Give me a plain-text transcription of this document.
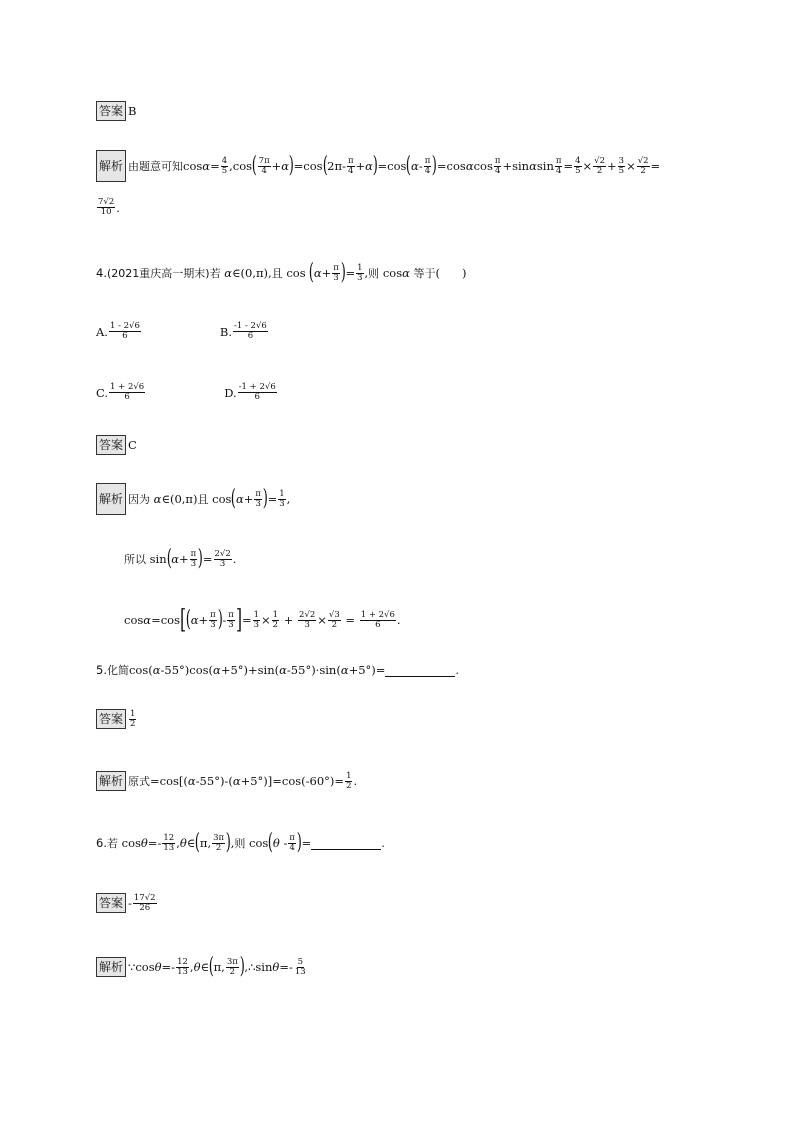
答案 B
解析 由题意可知 $\cos\alpha= \frac{4}{5} ,\cos$ ( $\frac{7\pi}{4} +\alpha$ ) =cos ( $2\pi- \frac{\pi}{4} +\alpha$ ) =cos ( $\alpha- \frac{\pi}{4}$ ) $=\cos\alpha\cos \frac{\pi}{4} +\sin\alpha\sin \frac{\pi}{4} = \frac{4}{5} \times \frac{√2}{2} + \frac{3}{5} \times \frac{√2}{2}$ =
$\frac{7√2}{10}$ .
4. (2021重庆高一期末) 若 α∈(0,π), 且 cos ( $\alpha+ \frac{\pi}{3}$ ) = $\frac{1}{3}$ , 则 cosα 等于 (      )
A. $\frac{1 - 2√6}{6}$	B. $\frac{-1 - 2√6}{6}$
C. $\frac{1 + 2√6}{6}$	D. $\frac{-1 + 2√6}{6}$
答案 C
解析 因为 α∈(0,π) 且 cos ( $\alpha+ \frac{\pi}{3}$ ) = $\frac{1}{3}$ ,
所以 sin ( $\alpha+ \frac{\pi}{3}$ ) = $\frac{2√2}{3}$ .
cosα=cos [ ( $\alpha+ \frac{\pi}{3}$ ) - $\frac{\pi}{3}$ ] = $\frac{1}{3} \times \frac{1}{2} + \frac{2√2}{3} \times \frac{√3}{2} = \frac{1 + 2√6}{6}$ .
5. 化简 cos(α-55°)cos(α+5°)+sin(α-55°)·sin(α+5°)=	.
答案 $\frac{1}{2}$
解析 原式 $=\cos[(\alpha-55^\circ)-(\alpha+5^\circ)]=\cos(-60^\circ)= \frac{1}{2}$ .
6. 若 $\cos\theta=- \frac{12}{13}$ ,θ∈ ( π, $\frac{3\pi}{2}$ ) , 则 cos ( θ - $\frac{\pi}{4}$ ) =	.
答案 - $\frac{17√2}{26}$
解析 ∵cosθ=- $\frac{12}{13}$ ,θ∈ ( π, $\frac{3\pi}{2}$ ) ,∴sinθ=- $\frac{5}{13}$
